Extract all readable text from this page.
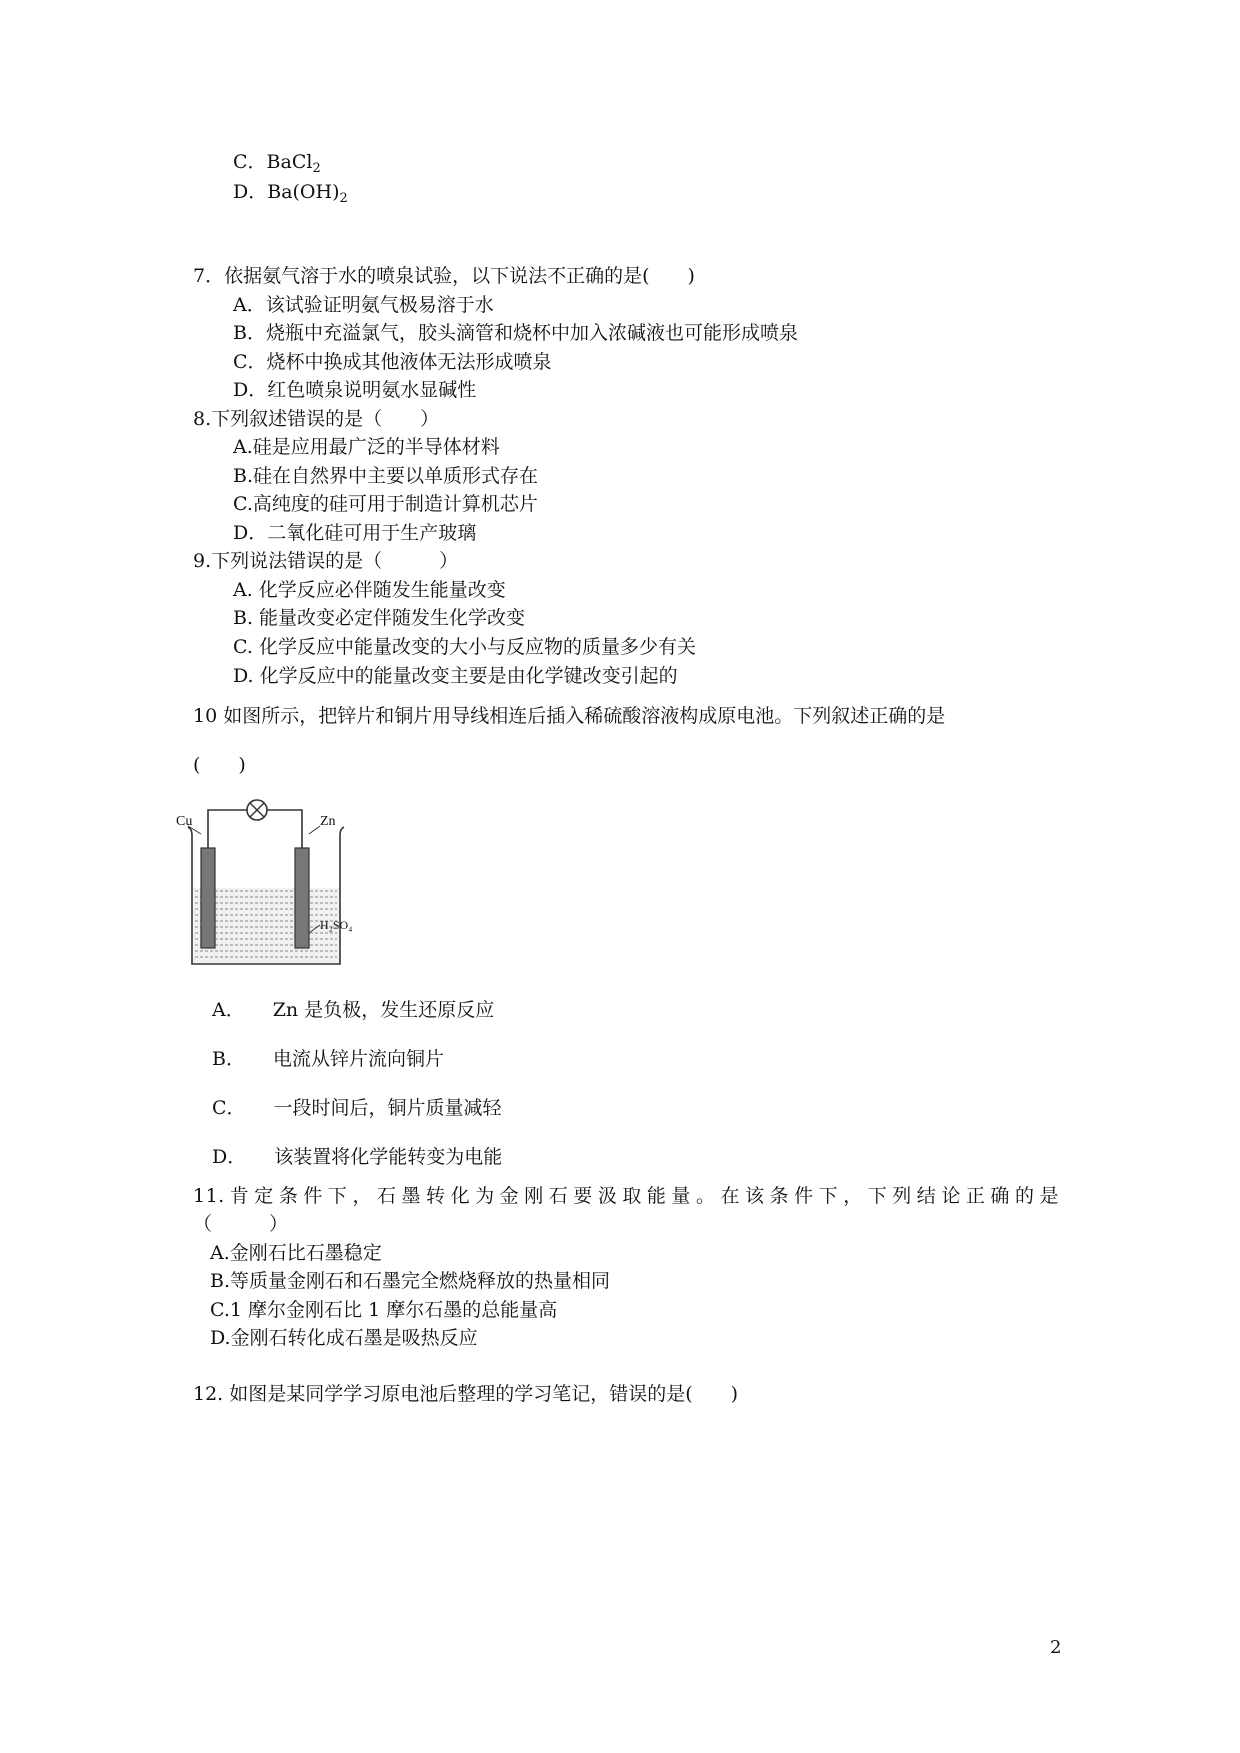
C．BaCl$_2$
D．$Ba(OH)_2$
7．依据氨气溶于水的喷泉试验，以下说法不正确的是(　　)
A．该试验证明氨气极易溶于水
B．烧瓶中充溢氯气，胶头滴管和烧杯中加入浓碱液也可能形成喷泉
C．烧杯中换成其他液体无法形成喷泉
D．红色喷泉说明氨水显碱性
8.下列叙述错误的是（　　）
A.硅是应用最广泛的半导体材料
B.硅在自然界中主要以单质形式存在
C.高纯度的硅可用于制造计算机芯片
D．二氧化硅可用于生产玻璃
9.下列说法错误的是（　　　）
A. 化学反应必伴随发生能量改变
B. 能量改变必定伴随发生化学改变
C. 化学反应中能量改变的大小与反应物的质量多少有关
D. 化学反应中的能量改变主要是由化学键改变引起的
10 如图所示，把锌片和铜片用导线相连后插入稀硫酸溶液构成原电池。下列叙述正确的是
(　　)
A． Zn 是负极，发生还原反应
B． 电流从锌片流向铜片
C． 一段时间后，铜片质量减轻
D． 该装置将化学能转变为电能
11.肯定条件下，石墨转化为金刚石要汲取能量。在该条件下，下列结论正确的是
（　　　）
A.金刚石比石墨稳定
B.等质量金刚石和石墨完全燃烧释放的热量相同
C.1 摩尔金刚石比 1 摩尔石墨的总能量高
D.金刚石转化成石墨是吸热反应
12. 如图是某同学学习原电池后整理的学习笔记，错误的是(　　)
Cu	Zn
H₂SO₄
2
